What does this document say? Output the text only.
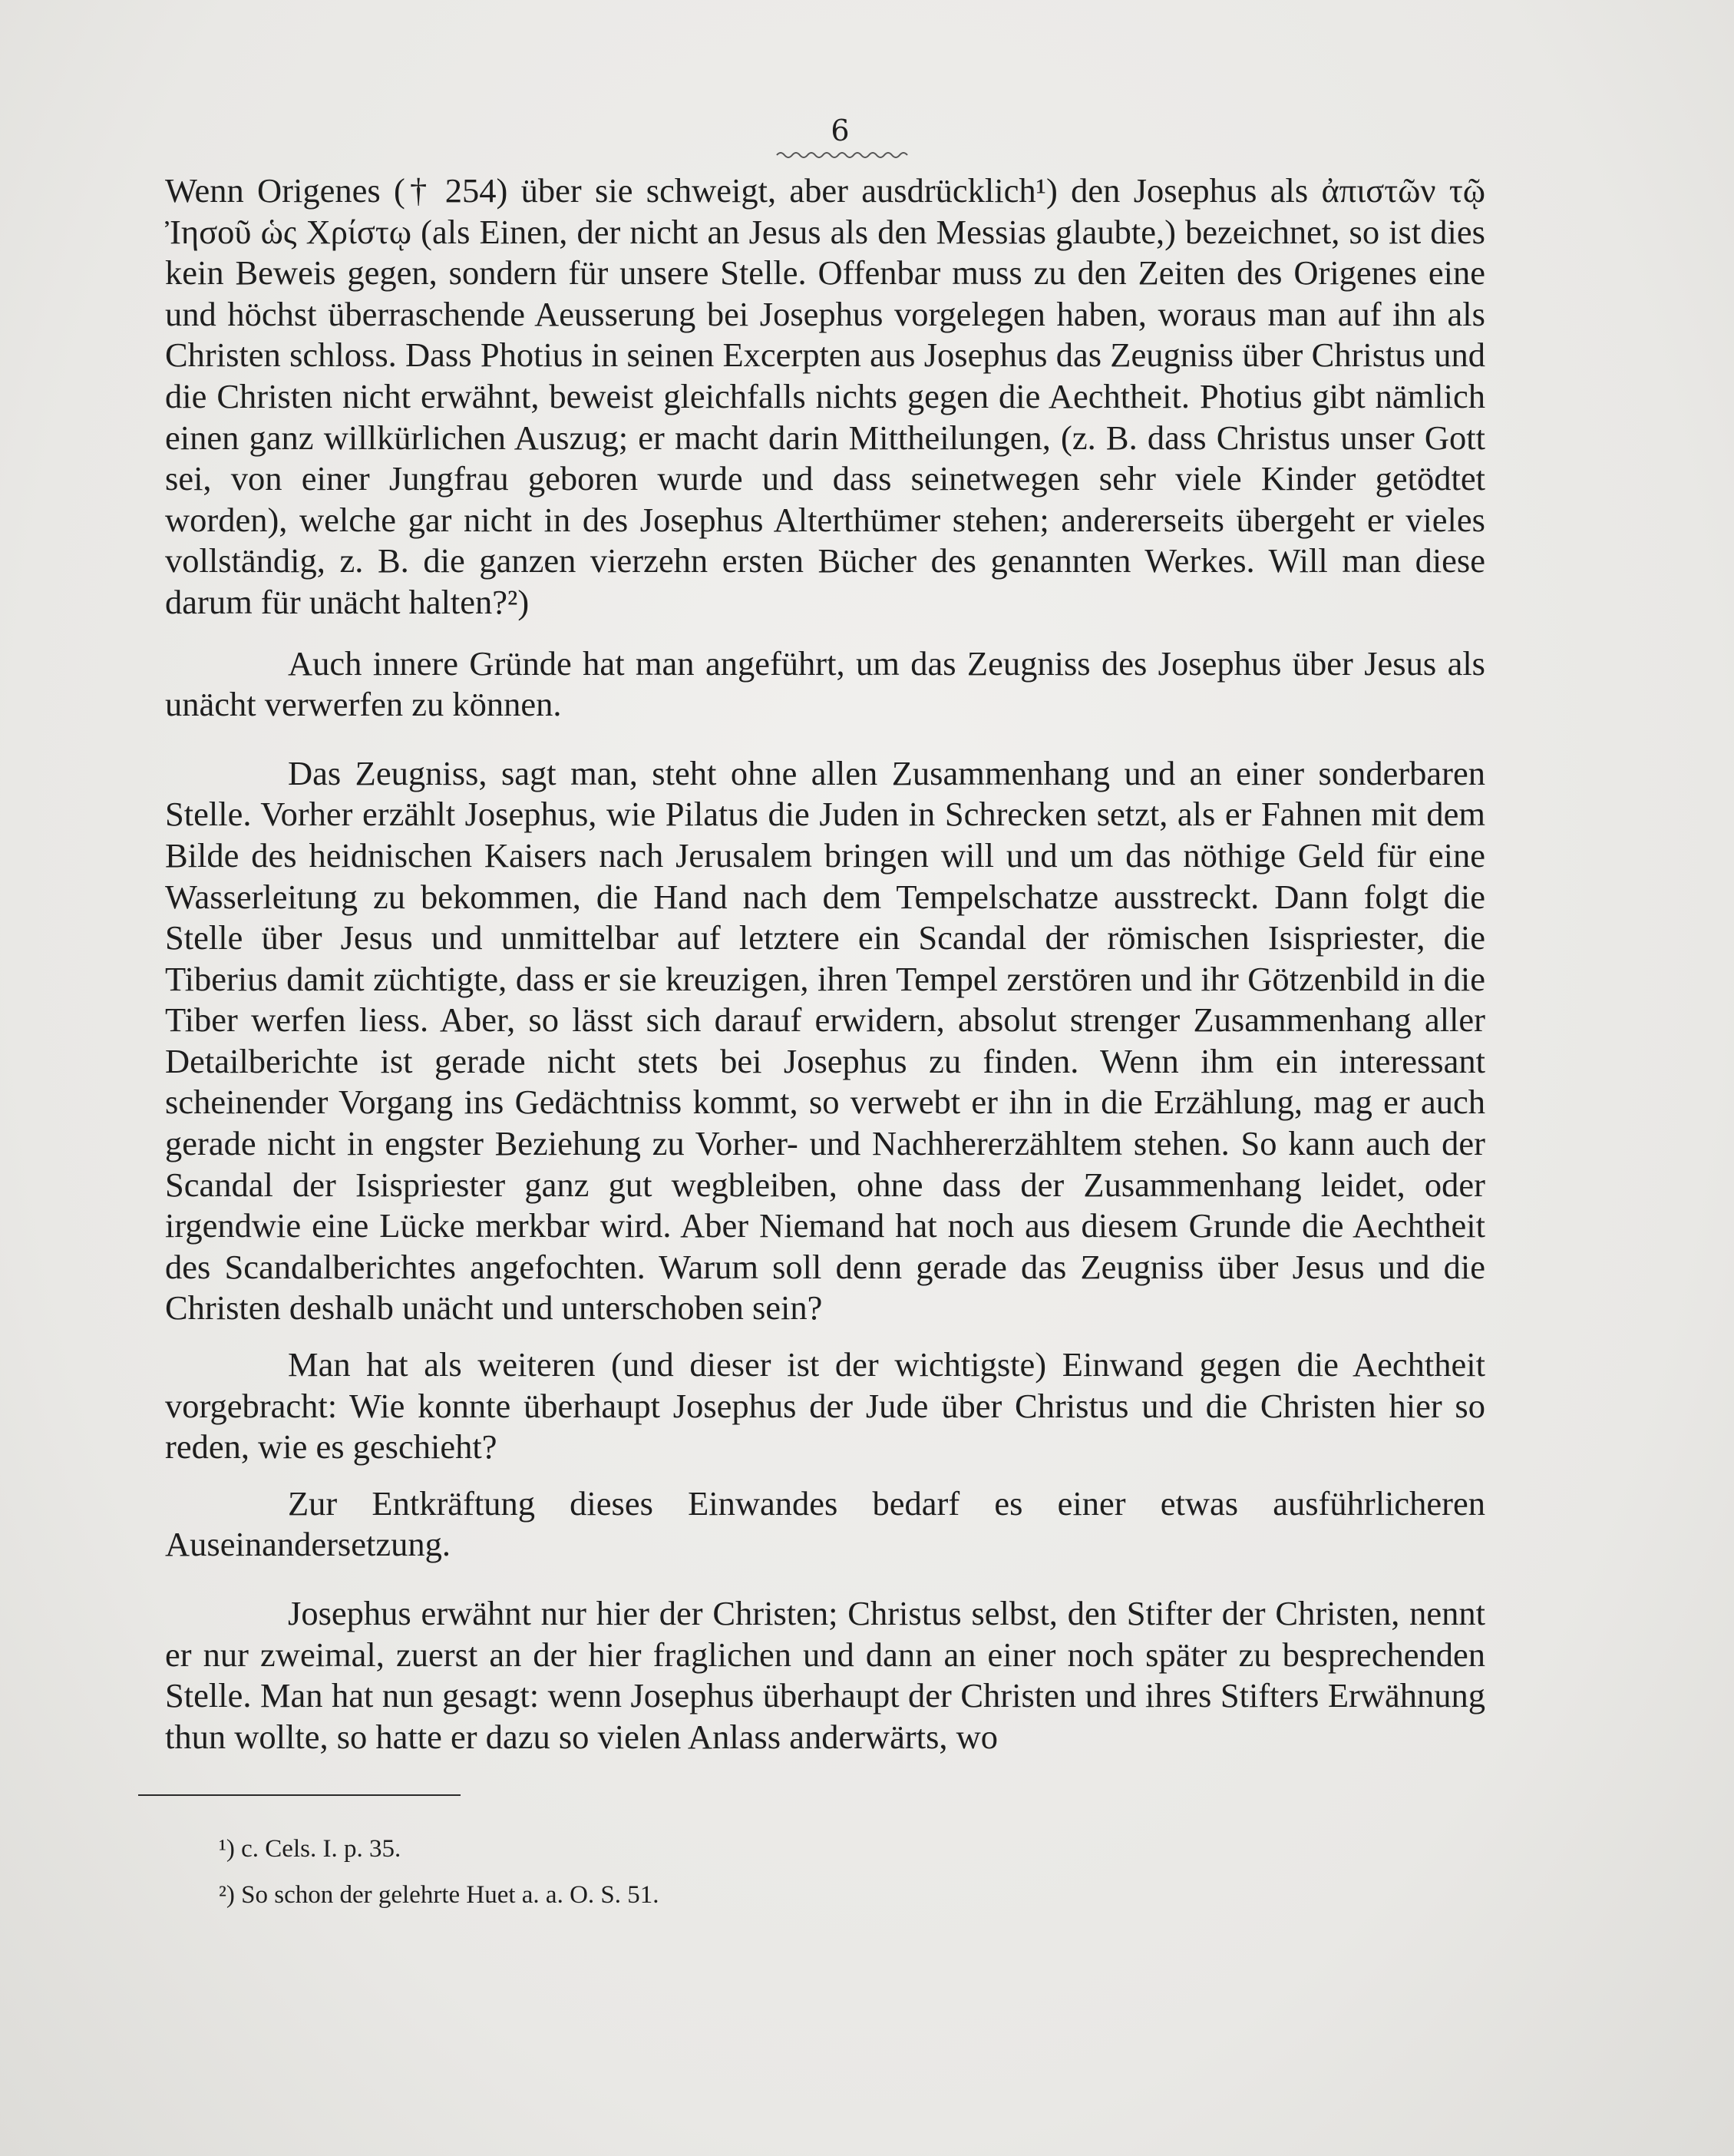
6

Wenn Origenes († 254) über sie schweigt, aber ausdrücklich¹) den Josephus als ἀπιστῶν τῷ Ἰησοῦ ὡς Χρίστῳ (als Einen, der nicht an Jesus als den Messias glaubte,) bezeichnet, so ist dies kein Beweis gegen, sondern für unsere Stelle. Offenbar muss zu den Zeiten des Origenes eine und höchst überraschende Aeusserung bei Josephus vorgelegen haben, woraus man auf ihn als Christen schloss. Dass Photius in seinen Excerpten aus Josephus das Zeugniss über Christus und die Christen nicht erwähnt, beweist gleichfalls nichts gegen die Aechtheit. Photius gibt nämlich einen ganz willkürlichen Auszug; er macht darin Mittheilungen, (z. B. dass Christus unser Gott sei, von einer Jungfrau geboren wurde und dass seinetwegen sehr viele Kinder getödtet worden), welche gar nicht in des Josephus Alterthümer stehen; andererseits übergeht er vieles vollständig, z. B. die ganzen vierzehn ersten Bücher des genannten Werkes. Will man diese darum für unächt halten?²)

Auch innere Gründe hat man angeführt, um das Zeugniss des Josephus über Jesus als unächt verwerfen zu können.

Das Zeugniss, sagt man, steht ohne allen Zusammenhang und an einer sonderbaren Stelle. Vorher erzählt Josephus, wie Pilatus die Juden in Schrecken setzt, als er Fahnen mit dem Bilde des heidnischen Kaisers nach Jerusalem bringen will und um das nöthige Geld für eine Wasserleitung zu bekommen, die Hand nach dem Tempelschatze ausstreckt. Dann folgt die Stelle über Jesus und unmittelbar auf letztere ein Scandal der römischen Isispriester, die Tiberius damit züchtigte, dass er sie kreuzigen, ihren Tempel zerstören und ihr Götzenbild in die Tiber werfen liess. Aber, so lässt sich darauf erwidern, absolut strenger Zusammenhang aller Detailberichte ist gerade nicht stets bei Josephus zu finden. Wenn ihm ein interessant scheinender Vorgang ins Gedächtniss kommt, so verwebt er ihn in die Erzählung, mag er auch gerade nicht in engster Beziehung zu Vorher- und Nachhererzähltem stehen. So kann auch der Scandal der Isispriester ganz gut wegbleiben, ohne dass der Zusammenhang leidet, oder irgendwie eine Lücke merkbar wird. Aber Niemand hat noch aus diesem Grunde die Aechtheit des Scandalberichtes angefochten. Warum soll denn gerade das Zeugniss über Jesus und die Christen deshalb unächt und unterschoben sein?

Man hat als weiteren (und dieser ist der wichtigste) Einwand gegen die Aechtheit vorgebracht: Wie konnte überhaupt Josephus der Jude über Christus und die Christen hier so reden, wie es geschieht?

Zur Entkräftung dieses Einwandes bedarf es einer etwas ausführlicheren Auseinandersetzung.

Josephus erwähnt nur hier der Christen; Christus selbst, den Stifter der Christen, nennt er nur zweimal, zuerst an der hier fraglichen und dann an einer noch später zu besprechenden Stelle. Man hat nun gesagt: wenn Josephus überhaupt der Christen und ihres Stifters Erwähnung thun wollte, so hatte er dazu so vielen Anlass anderwärts, wo

¹) c. Cels. I. p. 35.

²) So schon der gelehrte Huet a. a. O. S. 51.
